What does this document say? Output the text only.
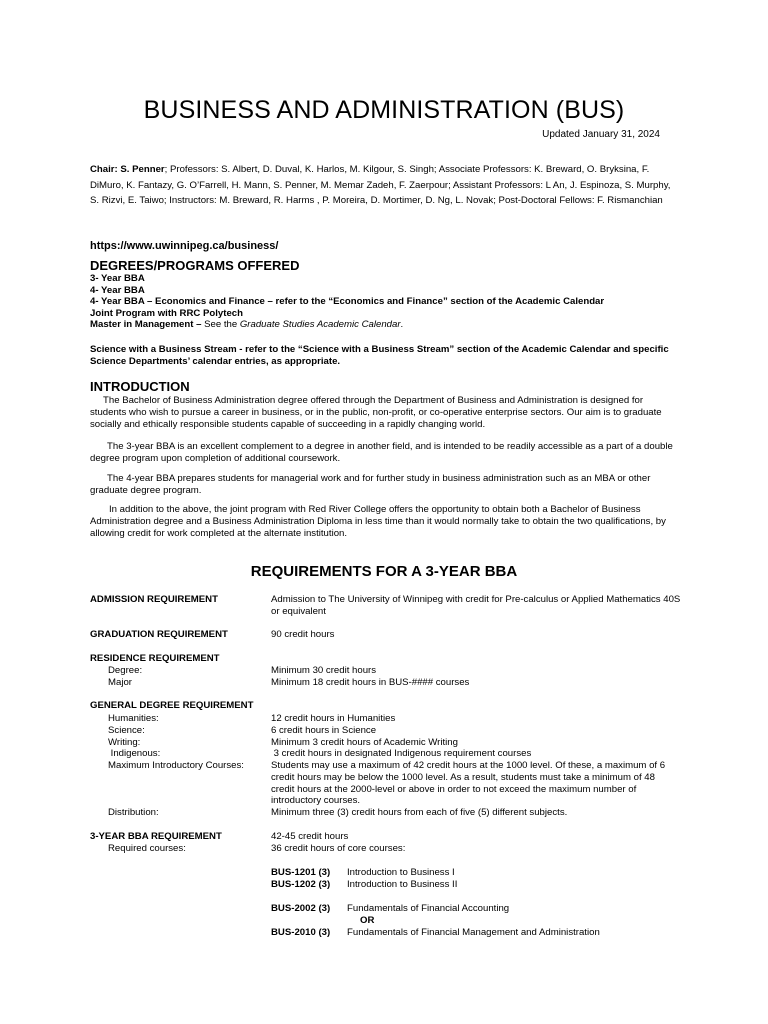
BUSINESS AND ADMINISTRATION (BUS)
Updated January 31, 2024
Chair: S. Penner; Professors: S. Albert, D. Duval, K. Harlos, M. Kilgour, S. Singh; Associate Professors: K. Breward, O. Bryksina, F. DiMuro, K. Fantazy, G. O’Farrell, H. Mann, S. Penner, M. Memar Zadeh, F. Zaerpour; Assistant Professors: L An, J. Espinoza, S. Murphy, S. Rizvi, E. Taiwo; Instructors: M. Breward, R. Harms , P. Moreira, D. Mortimer, D. Ng, L. Novak; Post-Doctoral Fellows: F. Rismanchian
https://www.uwinnipeg.ca/business/
DEGREES/PROGRAMS OFFERED
3- Year BBA
4- Year BBA
4- Year BBA – Economics and Finance – refer to the “Economics and Finance” section of the Academic Calendar
Joint Program with RRC Polytech
Master in Management – See the Graduate Studies Academic Calendar.
Science with a Business Stream - refer to the “Science with a Business Stream” section of the Academic Calendar and specific Science Departments’ calendar entries, as appropriate.
INTRODUCTION
The Bachelor of Business Administration degree offered through the Department of Business and Administration is designed for students who wish to pursue a career in business, or in the public, non-profit, or co-operative enterprise sectors. Our aim is to graduate socially and ethically responsible students capable of succeeding in a rapidly changing world.
The 3-year BBA is an excellent complement to a degree in another field, and is intended to be readily accessible as a part of a double degree program upon completion of additional coursework.
The 4-year BBA prepares students for managerial work and for further study in business administration such as an MBA or other graduate degree program.
In addition to the above, the joint program with Red River College offers the opportunity to obtain both a Bachelor of Business Administration degree and a Business Administration Diploma in less time than it would normally take to obtain the two qualifications, by allowing credit for work completed at the alternate institution.
REQUIREMENTS FOR A 3-YEAR BBA
ADMISSION REQUIREMENT	Admission to The University of Winnipeg with credit for Pre-calculus or Applied Mathematics 40S or equivalent
GRADUATION REQUIREMENT	90 credit hours
RESIDENCE REQUIREMENT
Degree:	Minimum 30 credit hours
Major	Minimum 18 credit hours in BUS-#### courses
GENERAL DEGREE REQUIREMENT
Humanities:	12 credit hours in Humanities
Science:	6 credit hours in Science
Writing:	Minimum 3 credit hours of Academic Writing
Indigenous:	3 credit hours in designated Indigenous requirement courses
Maximum Introductory Courses:	Students may use a maximum of 42 credit hours at the 1000 level. Of these, a maximum of 6 credit hours may be below the 1000 level. As a result, students must take a minimum of 48 credit hours at the 2000-level or above in order to not exceed the maximum number of introductory courses.
Distribution:	Minimum three (3) credit hours from each of five (5) different subjects.
3-YEAR BBA REQUIREMENT	42-45 credit hours
Required courses:	36 credit hours of core courses:
BUS-1201 (3) Introduction to Business I
BUS-1202 (3) Introduction to Business II
BUS-2002 (3) Fundamentals of Financial Accounting
OR
BUS-2010 (3) Fundamentals of Financial Management and Administration
